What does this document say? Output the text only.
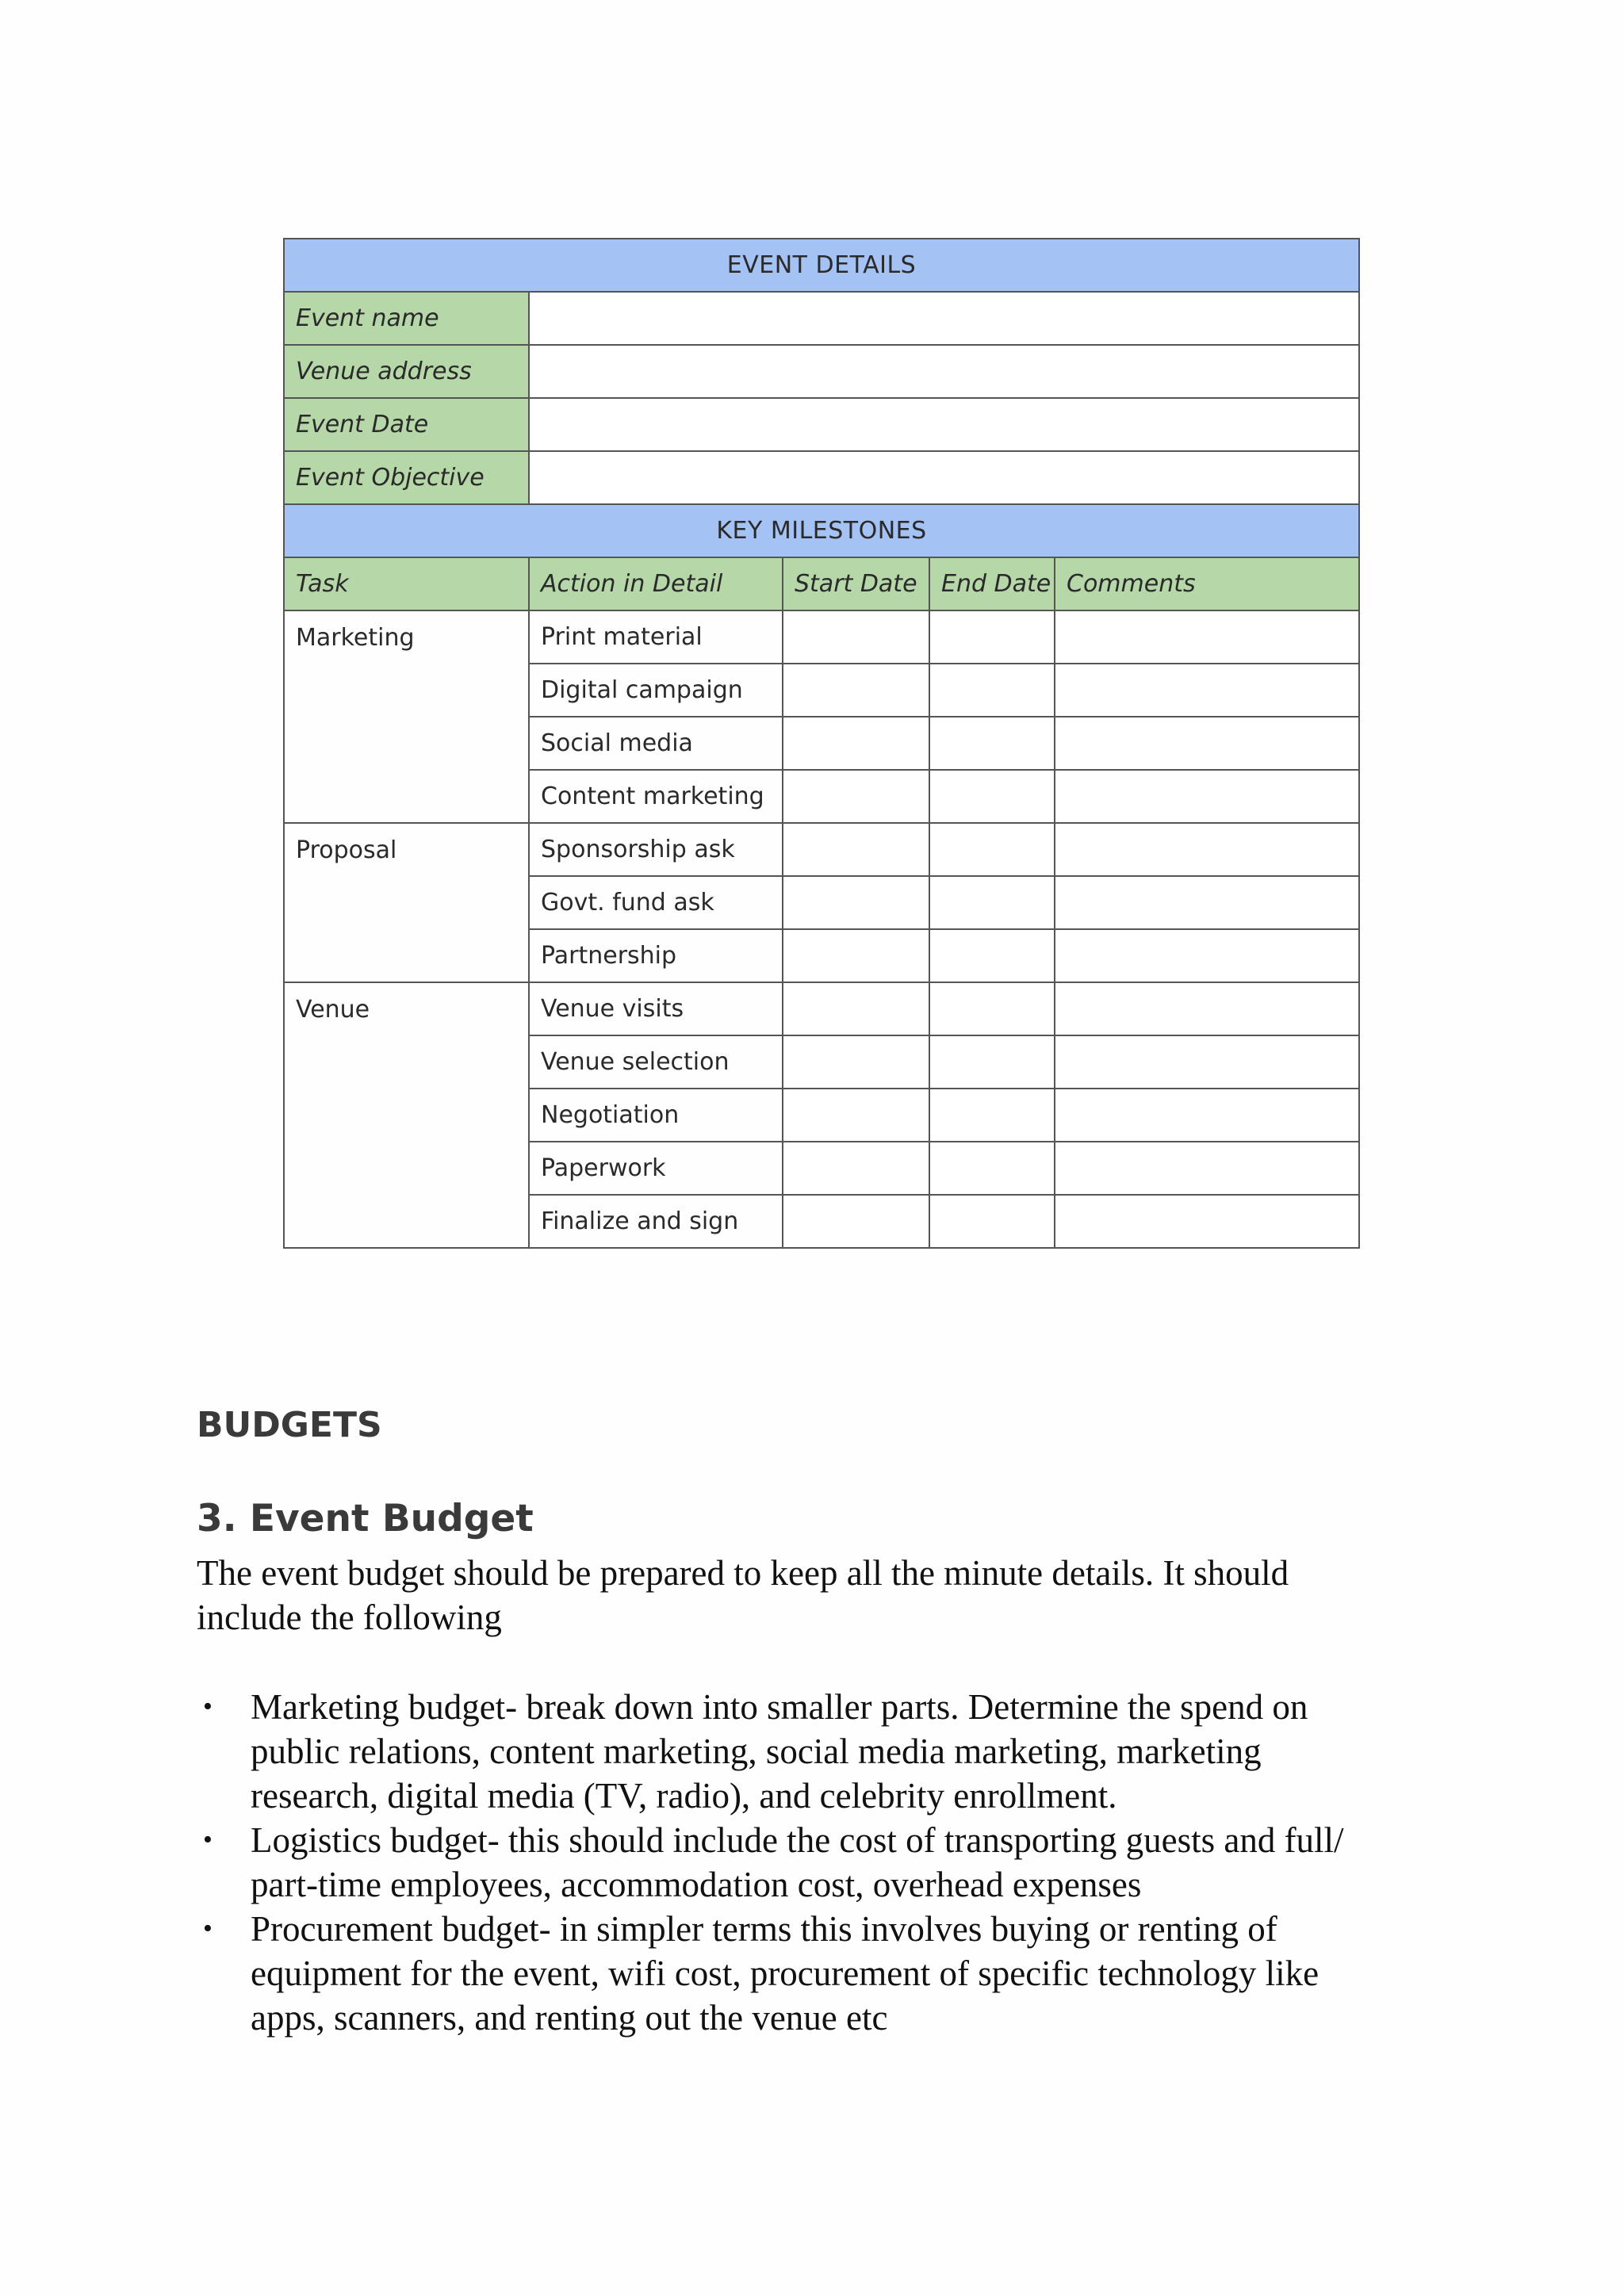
EVENT DETAILS				
Event name				
Venue address				
Event Date				
Event Objective				
KEY MILESTONES				
Task	Action in Detail	Start Date	End Date	Comments
Marketing	Print material			
	Digital campaign			
	Social media			
	Content marketing			
Proposal	Sponsorship ask			
	Govt. fund ask			
	Partnership			
Venue	Venue visits			
	Venue selection			
	Negotiation			
	Paperwork			
	Finalize and sign			
BUDGETS
3. Event Budget

The event budget should be prepared to keep all the minute details. It should
include the following

• Marketing budget- break down into smaller parts. Determine the spend on
public relations, content marketing, social media marketing, marketing
research, digital media (TV, radio), and celebrity enrollment.
• Logistics budget- this should include the cost of transporting guests and full/
part-time employees, accommodation cost, overhead expenses
• Procurement budget- in simpler terms this involves buying or renting of
equipment for the event, wifi cost, procurement of specific technology like
apps, scanners, and renting out the venue etc
